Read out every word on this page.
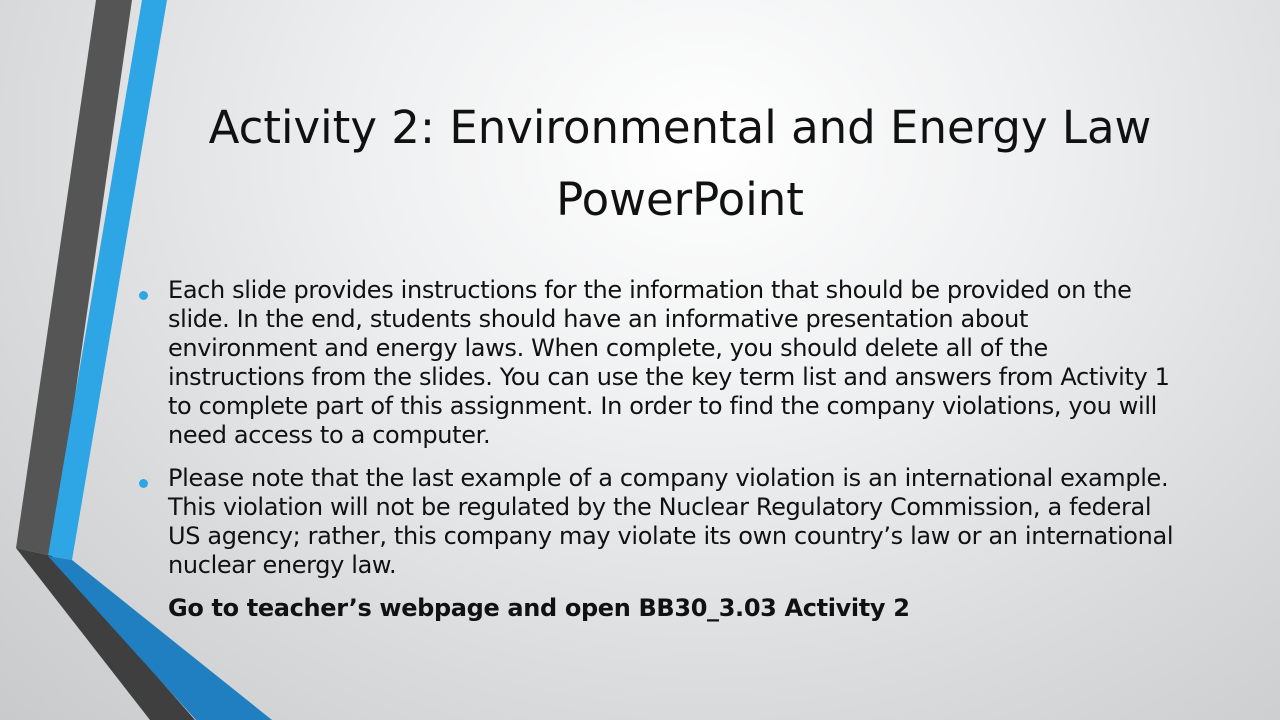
Activity 2: Environmental and Energy Law PowerPoint
Each slide provides instructions for the information that should be provided on the slide. In the end, students should have an informative presentation about environment and energy laws. When complete, you should delete all of the instructions from the slides. You can use the key term list and answers from Activity 1 to complete part of this assignment. In order to find the company violations, you will need access to a computer.
Please note that the last example of a company violation is an international example. This violation will not be regulated by the Nuclear Regulatory Commission, a federal US agency; rather, this company may violate its own country’s law or an international nuclear energy law.
Go to teacher’s webpage and open BB30_3.03 Activity 2
